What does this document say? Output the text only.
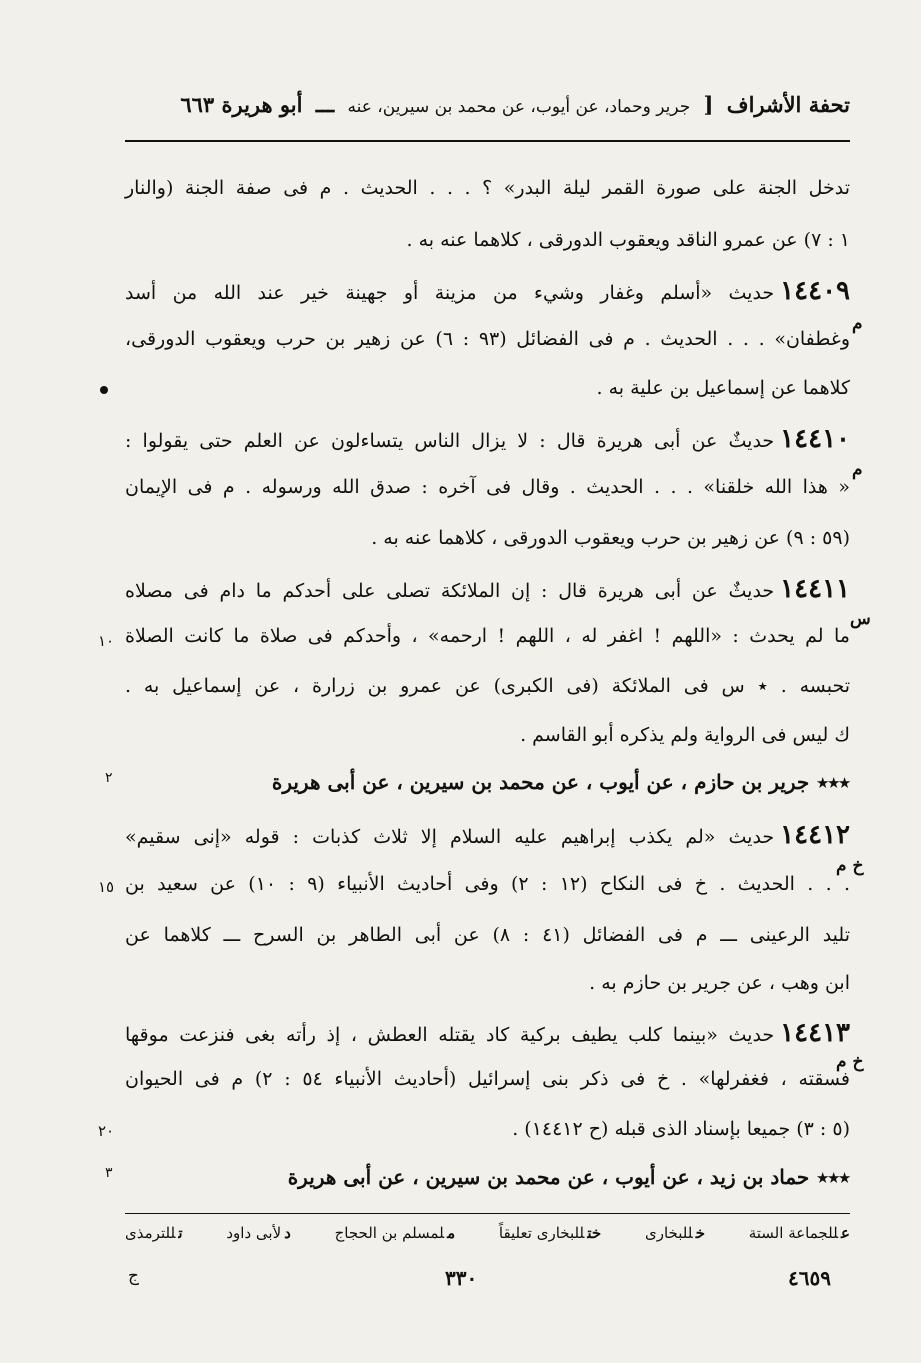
تحفة الأشراف [ جرير وحماد، عن أيوب، عن محمد بن سيرين، عنه ـــ أبو هريرة ٦٦٣
تدخل الجنة على صورة القمر ليلة البدر» ؟ . . . الحديث . م فى صفة الجنة (والنار
١ : ٧) عن عمرو الناقد ويعقوب الدورقى ، كلاهما عنه به .
١٤٤٠٩حديث «أسلم وغفار وشيء من مزينة أو جهينة خير عند الله من أسد
وغطفان» . . . الحديث . م فى الفضائل (٩٣ : ٦) عن زهير بن حرب ويعقوب الدورقى،
كلاهما عن إسماعيل بن علية به .
١٤٤١٠حديثٌ عن أبى هريرة قال : لا يزال الناس يتساءلون عن العلم حتى يقولوا :
« هذا الله خلقنا» . . . الحديث . وقال فى آخره : صدق الله ورسوله . م فى الإيمان
(٥٩ : ٩) عن زهير بن حرب ويعقوب الدورقى ، كلاهما عنه به .
١٤٤١١حديثٌ عن أبى هريرة قال : إن الملائكة تصلى على أحدكم ما دام فى مصلاه
ما لم يحدث : «اللهم ! اغفر له ، اللهم ! ارحمه» ، وأحدكم فى صلاة ما كانت الصلاة
تحبسه . ٭ س فى الملائكة (فى الكبرى) عن عمرو بن زرارة ، عن إسماعيل به .
ك ليس فى الرواية ولم يذكره أبو القاسم .
٢	٭٭٭جرير بن حازم ، عن أيوب ، عن محمد بن سيرين ، عن أبى هريرة
١٤٤١٢حديث «لم يكذب إبراهيم عليه السلام إلا ثلاث كذبات : قوله «إنى سقيم»
. . . الحديث . خ فى النكاح (١٢ : ٢) وفى أحاديث الأنبياء (٩ : ١٠) عن سعيد بن
تليد الرعينى ـــ م فى الفضائل (٤١ : ٨) عن أبى الطاهر بن السرح ـــ كلاهما عن
ابن وهب ، عن جرير بن حازم به .
١٤٤١٣حديث «بينما كلب يطيف بركية كاد يقتله العطش ، إذ رأته بغى فنزعت موقها
فسقته ، فغفرلها» . خ فى ذكر بنى إسرائيل (أحاديث الأنبياء ٥٤ : ٢) م فى الحيوان
(٥ : ٣) جميعا بإسناد الذى قبله (ح ١٤٤١٢) .
٣	٭٭٭حماد بن زيد ، عن أيوب ، عن محمد بن سيرين ، عن أبى هريرة
م
م
س
خ م
خ م
١٠
١٥
٢٠
عللجماعة الستة
خللبخارى
ختللبخارى تعليقاً
ملمسلم بن الحجاج
دلأبى داود
تللترمذى
٤٦٥٩
٣٣٠
ج
